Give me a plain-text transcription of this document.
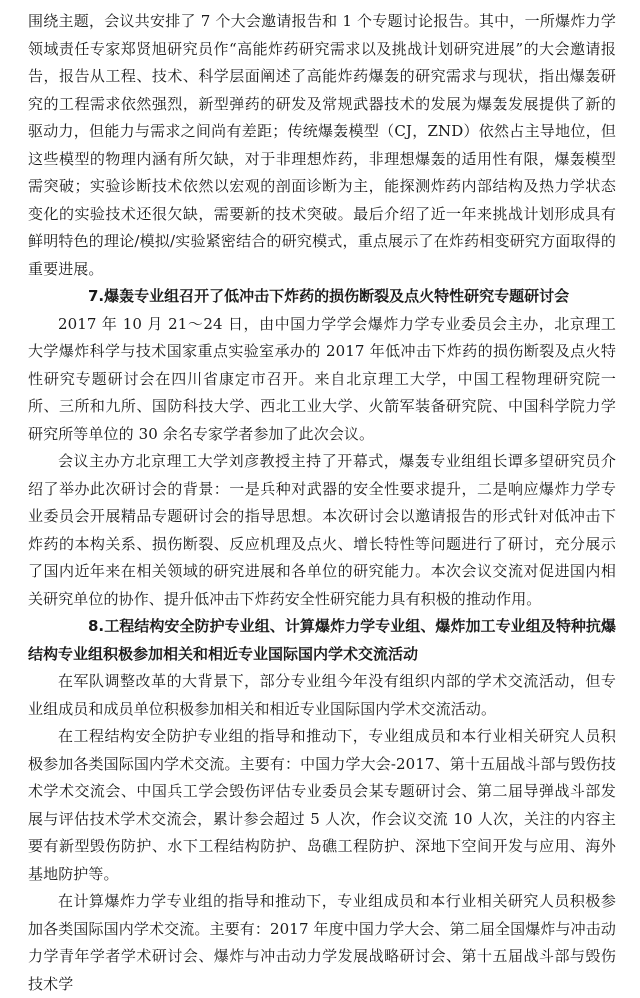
围绕主题，会议共安排了 7 个大会邀请报告和 1 个专题讨论报告。其中，一所爆炸力学领域责任专家郑贤旭研究员作“高能炸药研究需求以及挑战计划研究进展”的大会邀请报告，报告从工程、技术、科学层面阐述了高能炸药爆轰的研究需求与现状，指出爆轰研究的工程需求依然强烈，新型弹药的研发及常规武器技术的发展为爆轰发展提供了新的驱动力，但能力与需求之间尚有差距；传统爆轰模型（CJ，ZND）依然占主导地位，但这些模型的物理内涵有所欠缺，对于非理想炸药，非理想爆轰的适用性有限，爆轰模型需突破；实验诊断技术依然以宏观的剖面诊断为主，能探测炸药内部结构及热力学状态变化的实验技术还很欠缺，需要新的技术突破。最后介绍了近一年来挑战计划形成具有鲜明特色的理论/模拟/实验紧密结合的研究模式，重点展示了在炸药相变研究方面取得的重要进展。

7.爆轰专业组召开了低冲击下炸药的损伤断裂及点火特性研究专题研讨会

2017 年 10 月 21～24 日，由中国力学学会爆炸力学专业委员会主办，北京理工大学爆炸科学与技术国家重点实验室承办的 2017 年低冲击下炸药的损伤断裂及点火特性研究专题研讨会在四川省康定市召开。来自北京理工大学，中国工程物理研究院一所、三所和九所、国防科技大学、西北工业大学、火箭军装备研究院、中国科学院力学研究所等单位的 30 余名专家学者参加了此次会议。

会议主办方北京理工大学刘彦教授主持了开幕式，爆轰专业组组长谭多望研究员介绍了举办此次研讨会的背景：一是兵种对武器的安全性要求提升，二是响应爆炸力学专业委员会开展精品专题研讨会的指导思想。本次研讨会以邀请报告的形式针对低冲击下炸药的本构关系、损伤断裂、反应机理及点火、增长特性等问题进行了研讨，充分展示了国内近年来在相关领域的研究进展和各单位的研究能力。本次会议交流对促进国内相关研究单位的协作、提升低冲击下炸药安全性研究能力具有积极的推动作用。

8.工程结构安全防护专业组、计算爆炸力学专业组、爆炸加工专业组及特种抗爆结构专业组积极参加相关和相近专业国际国内学术交流活动

在军队调整改革的大背景下，部分专业组今年没有组织内部的学术交流活动，但专业组成员和成员单位积极参加相关和相近专业国际国内学术交流活动。

在工程结构安全防护专业组的指导和推动下，专业组成员和本行业相关研究人员积极参加各类国际国内学术交流。主要有：中国力学大会-2017、第十五届战斗部与毁伤技术学术交流会、中国兵工学会毁伤评估专业委员会某专题研讨会、第二届导弹战斗部发展与评估技术学术交流会，累计参会超过 5 人次，作会议交流 10 人次，关注的内容主要有新型毁伤防护、水下工程结构防护、岛礁工程防护、深地下空间开发与应用、海外基地防护等。

在计算爆炸力学专业组的指导和推动下，专业组成员和本行业相关研究人员积极参加各类国际国内学术交流。主要有：2017 年度中国力学大会、第二届全国爆炸与冲击动力学青年学者学术研讨会、爆炸与冲击动力学发展战略研讨会、第十五届战斗部与毁伤技术学
